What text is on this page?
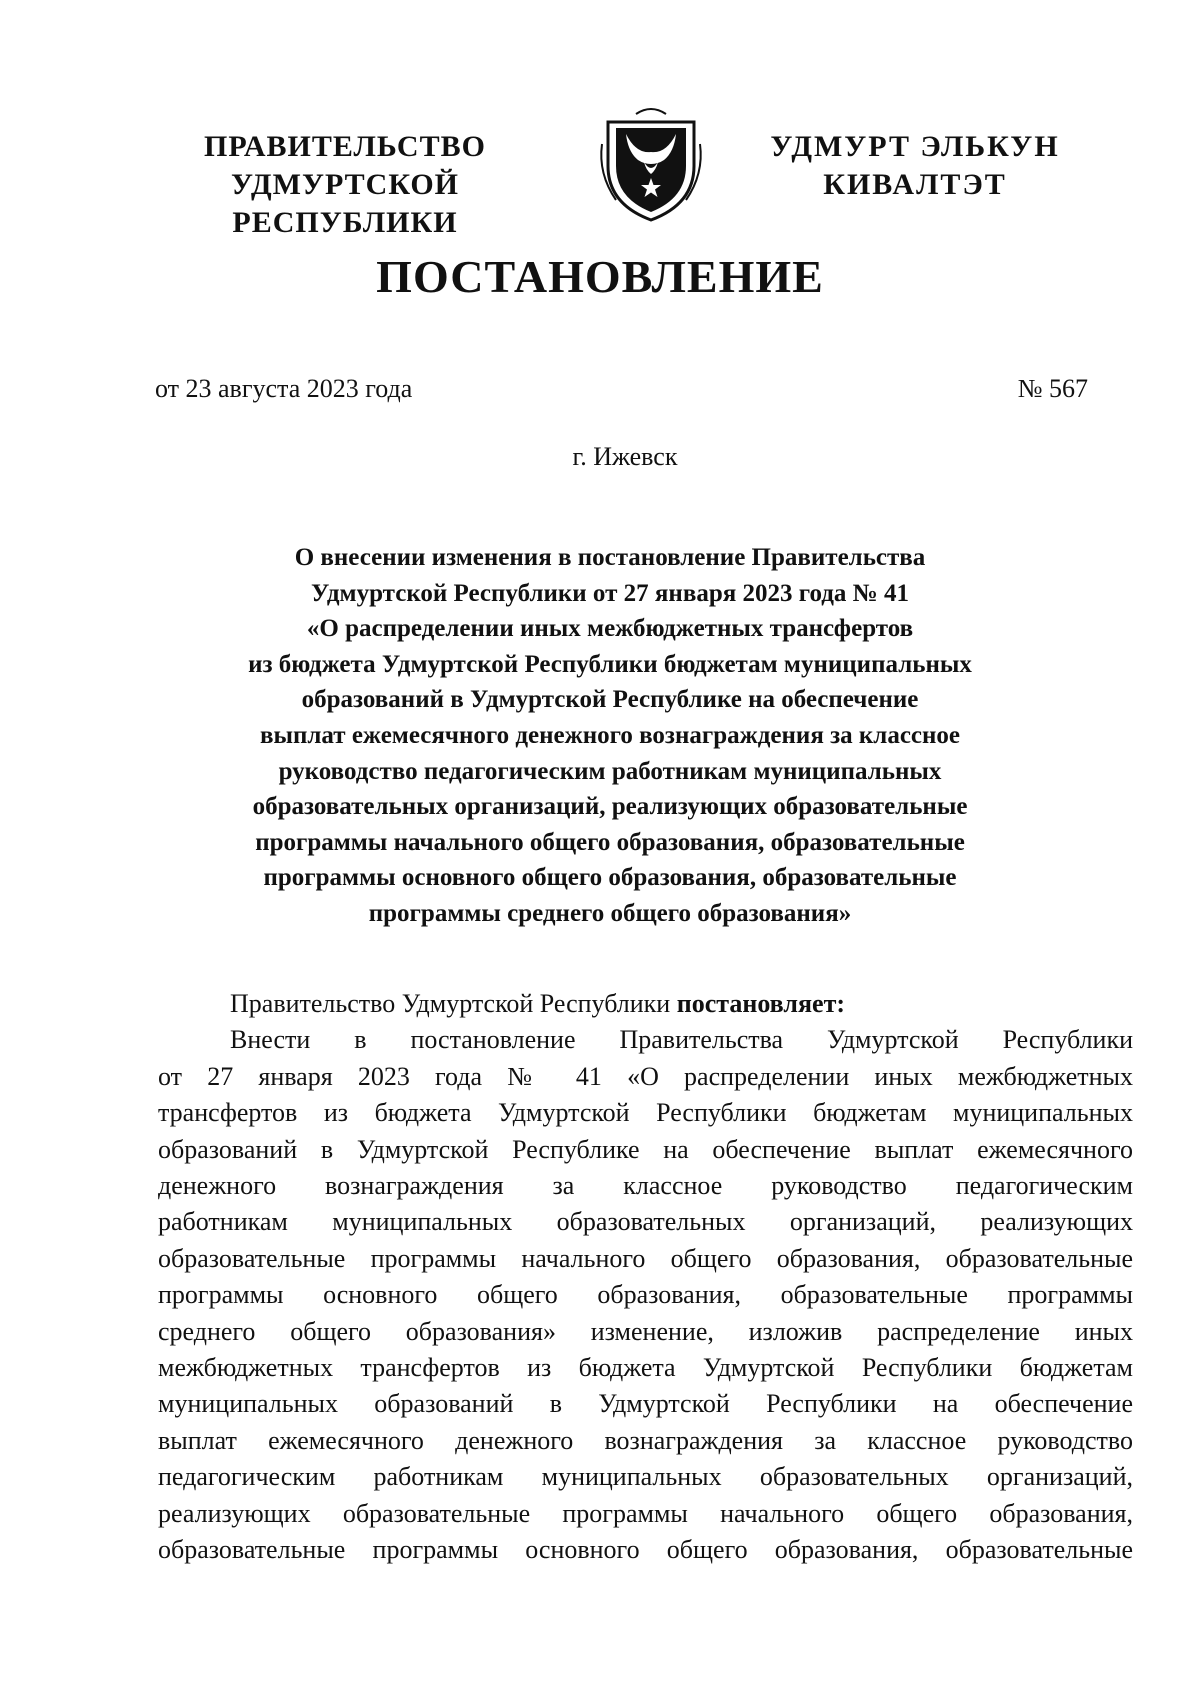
ПРАВИТЕЛЬСТВО
УДМУРТСКОЙ РЕСПУБЛИКИ
УДМУРТ ЭЛЬКУН
КИВАЛТЭТ
ПОСТАНОВЛЕНИЕ
от 23 августа 2023 года	№ 567
г. Ижевск
О внесении изменения в постановление Правительства
Удмуртской Республики от 27 января 2023 года № 41
«О распределении иных межбюджетных трансфертов
из бюджета Удмуртской Республики бюджетам муниципальных
образований в Удмуртской Республике на обеспечение
выплат ежемесячного денежного вознаграждения за классное
руководство педагогическим работникам муниципальных
образовательных организаций, реализующих образовательные
программы начального общего образования, образовательные
программы основного общего образования, образовательные
программы среднего общего образования»
Правительство Удмуртской Республики постановляет:
Внести в постановление Правительства Удмуртской Республики
от 27 января 2023 года № 41 «О распределении иных межбюджетных
трансфертов из бюджета Удмуртской Республики бюджетам муниципальных
образований в Удмуртской Республике на обеспечение выплат ежемесячного
денежного вознаграждения за классное руководство педагогическим
работникам муниципальных образовательных организаций, реализующих
образовательные программы начального общего образования, образовательные
программы основного общего образования, образовательные программы
среднего общего образования» изменение, изложив распределение иных
межбюджетных трансфертов из бюджета Удмуртской Республики бюджетам
муниципальных образований в Удмуртской Республики на обеспечение
выплат ежемесячного денежного вознаграждения за классное руководство
педагогическим работникам муниципальных образовательных организаций,
реализующих образовательные программы начального общего образования,
образовательные программы основного общего образования, образовательные
